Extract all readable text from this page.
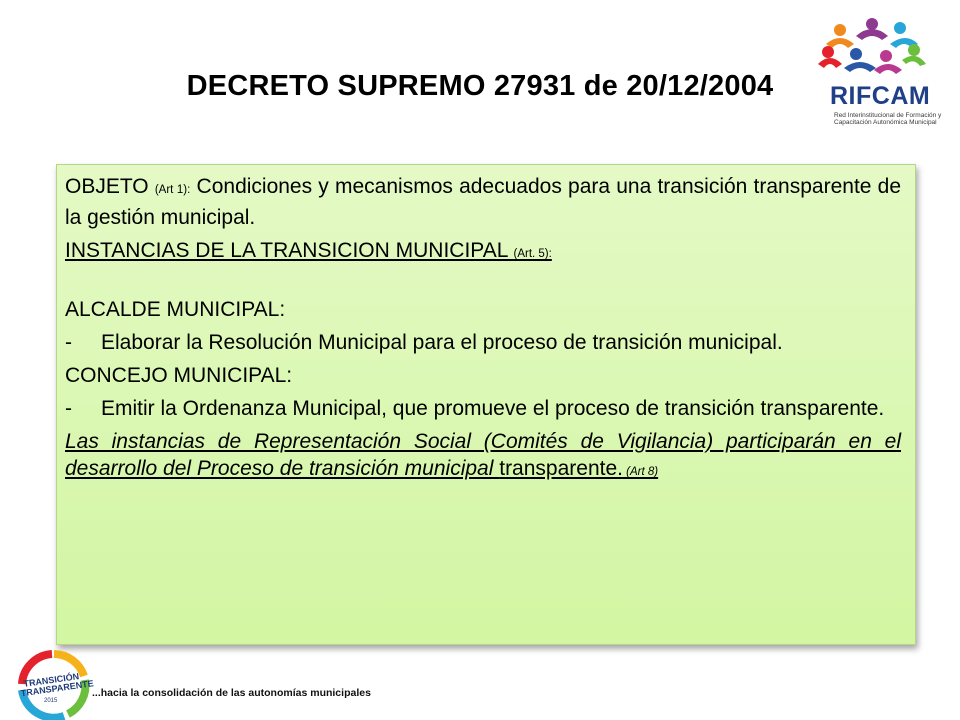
DECRETO SUPREMO 27931 de 20/12/2004	RIFCAM
Red Interinstitucional de Formación y Capacitación Autonómica Municipal

OBJETO (Art 1): Condiciones y mecanismos adecuados para una transición transparente de la gestión municipal.

INSTANCIAS DE LA TRANSICION MUNICIPAL (Art. 5):

ALCALDE MUNICIPAL:

-	Elaborar la Resolución Municipal para el proceso de transición municipal.

CONCEJO MUNICIPAL:

-	Emitir la Ordenanza Municipal, que promueve el proceso de transición transparente.

Las instancias de Representación Social (Comités de Vigilancia) participarán en el desarrollo del Proceso de transición municipal transparente. (Art 8)

TRANSICIÓN TRANSPARENTE
2015
...hacia la consolidación de las autonomías municipales
